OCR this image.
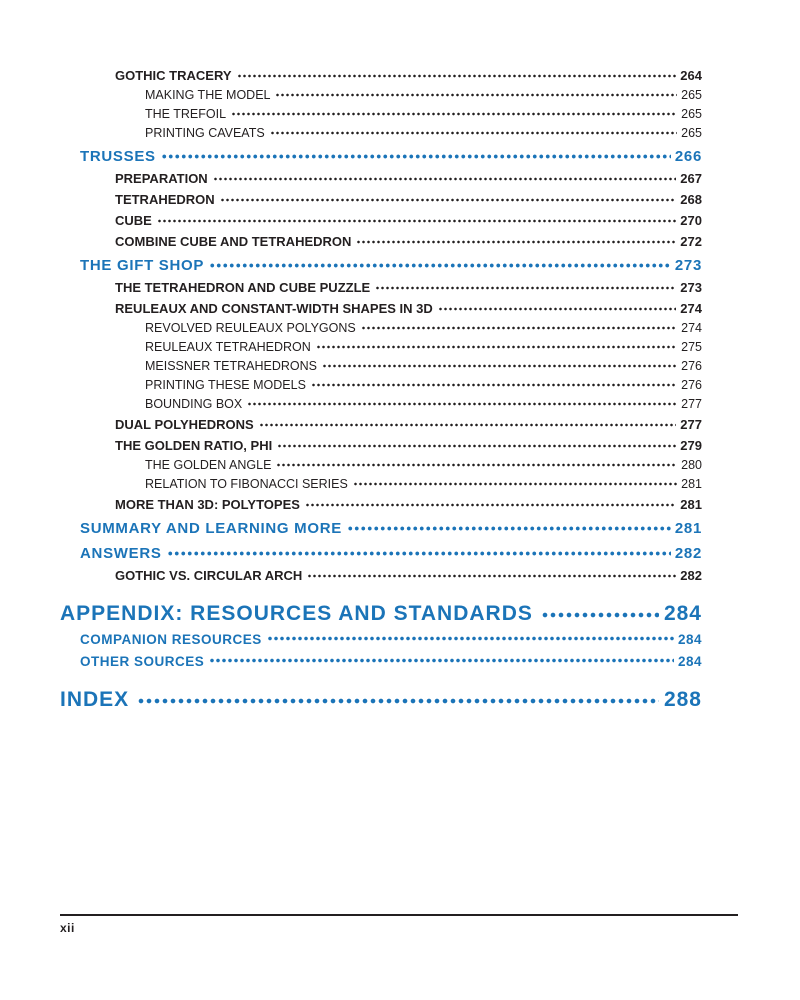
GOTHIC TRACERY	264
MAKING THE MODEL	265
THE TREFOIL	265
PRINTING CAVEATS	265
TRUSSES	266
PREPARATION	267
TETRAHEDRON	268
CUBE	270
COMBINE CUBE AND TETRAHEDRON	272
THE GIFT SHOP	273
THE TETRAHEDRON AND CUBE PUZZLE	273
REULEAUX AND CONSTANT-WIDTH SHAPES IN 3D	274
REVOLVED REULEAUX POLYGONS	274
REULEAUX TETRAHEDRON	275
MEISSNER TETRAHEDRONS	276
PRINTING THESE MODELS	276
BOUNDING BOX	277
DUAL POLYHEDRONS	277
THE GOLDEN RATIO, PHI	279
THE GOLDEN ANGLE	280
RELATION TO FIBONACCI SERIES	281
MORE THAN 3D: POLYTOPES	281
SUMMARY AND LEARNING MORE	281
ANSWERS	282
GOTHIC VS. CIRCULAR ARCH	282
APPENDIX: RESOURCES AND STANDARDS	284
COMPANION RESOURCES	284
OTHER SOURCES	284
INDEX	288
xii
